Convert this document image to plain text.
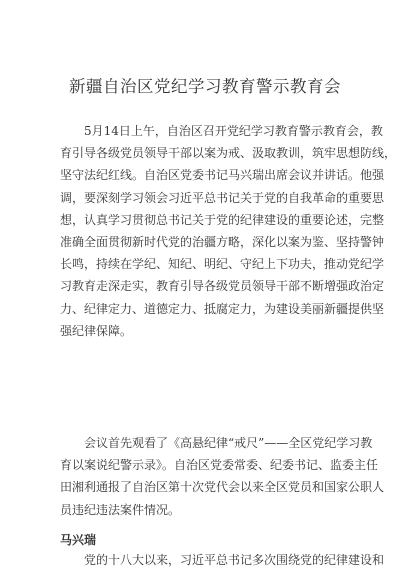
新疆自治区党纪学习教育警示教育会
5月14日上午，自治区召开党纪学习教育警示教育会，教
育引导各级党员领导干部以案为戒、汲取教训，筑牢思想防线，
坚守法纪红线。自治区党委书记马兴瑞出席会议并讲话。他强
调，要深刻学习领会习近平总书记关于党的自我革命的重要思
想，认真学习贯彻总书记关于党的纪律建设的重要论述，完整
准确全面贯彻新时代党的治疆方略，深化以案为鉴、坚持警钟
长鸣，持续在学纪、知纪、明纪、守纪上下功夫，推动党纪学
习教育走深走实，教育引导各级党员领导干部不断增强政治定
力、纪律定力、道德定力、抵腐定力，为建设美丽新疆提供坚
强纪律保障。
会议首先观看了《高悬纪律“戒尺”——全区党纪学习教
育以案说纪警示录》。自治区党委常委、纪委书记、监委主任
田湘利通报了自治区第十次党代会以来全区党员和国家公职人
员违纪违法案件情况。
马兴瑞
党的十八大以来，习近平总书记多次围绕党的纪律建设和
